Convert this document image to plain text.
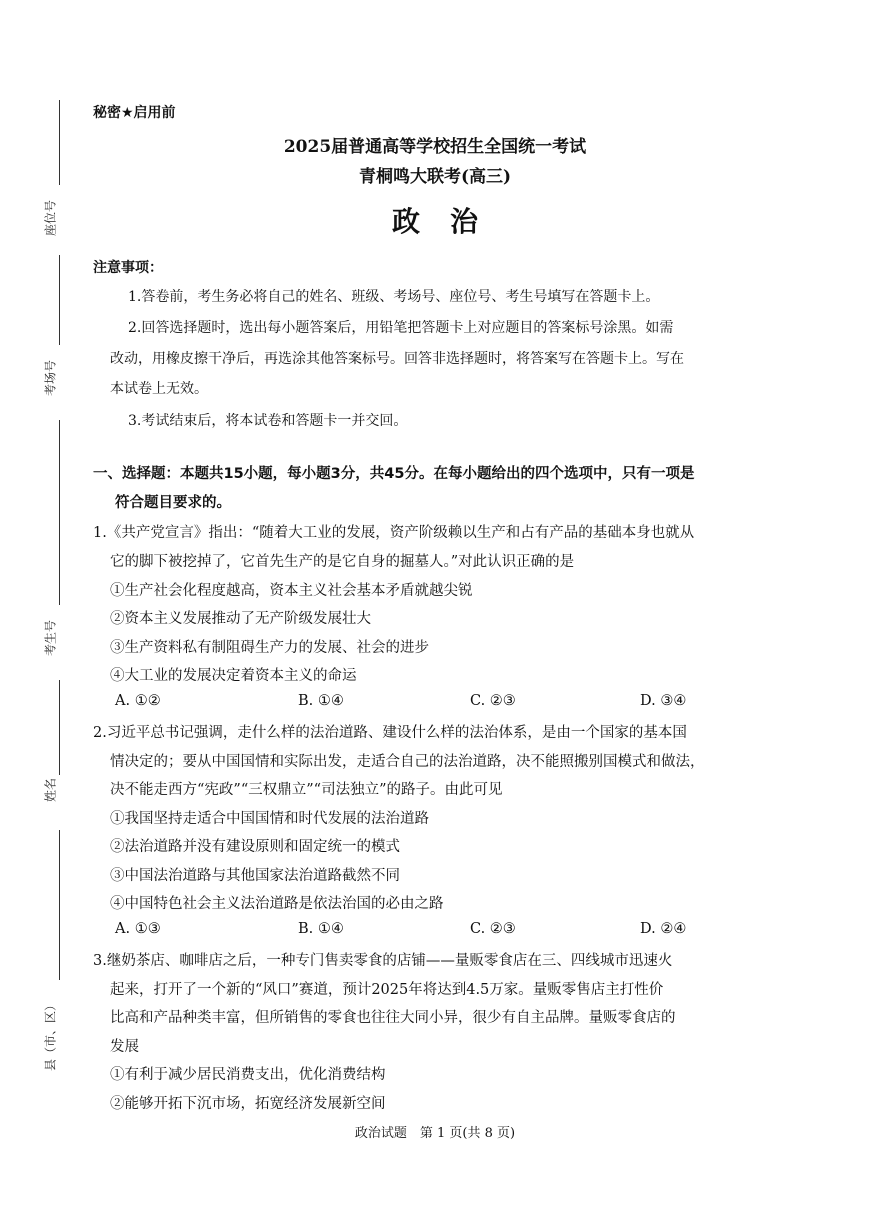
座位号
考场号
考生号
姓名
县（市、区）
秘密★启用前
2025届普通高等学校招生全国统一考试
青桐鸣大联考(高三)
政治
注意事项：
1.答卷前，考生务必将自己的姓名、班级、考场号、座位号、考生号填写在答题卡上。
2.回答选择题时，选出每小题答案后，用铅笔把答题卡上对应题目的答案标号涂黑。如需
改动，用橡皮擦干净后，再选涂其他答案标号。回答非选择题时，将答案写在答题卡上。写在
本试卷上无效。
3.考试结束后，将本试卷和答题卡一并交回。
一、选择题：本题共15小题，每小题3分，共45分。在每小题给出的四个选项中，只有一项是
符合题目要求的。
1.《共产党宣言》指出：“随着大工业的发展，资产阶级赖以生产和占有产品的基础本身也就从
它的脚下被挖掉了，它首先生产的是它自身的掘墓人。”对此认识正确的是
①生产社会化程度越高，资本主义社会基本矛盾就越尖锐
②资本主义发展推动了无产阶级发展壮大
③生产资料私有制阻碍生产力的发展、社会的进步
④大工业的发展决定着资本主义的命运
A. ①②	B. ①④	C. ②③	D. ③④
2.习近平总书记强调，走什么样的法治道路、建设什么样的法治体系，是由一个国家的基本国
情决定的；要从中国国情和实际出发，走适合自己的法治道路，决不能照搬别国模式和做法，
决不能走西方“宪政”“三权鼎立”“司法独立”的路子。由此可见
①我国坚持走适合中国国情和时代发展的法治道路
②法治道路并没有建设原则和固定统一的模式
③中国法治道路与其他国家法治道路截然不同
④中国特色社会主义法治道路是依法治国的必由之路
A. ①③	B. ①④	C. ②③	D. ②④
3.继奶茶店、咖啡店之后，一种专门售卖零食的店铺——量贩零食店在三、四线城市迅速火
起来，打开了一个新的“风口”赛道，预计2025年将达到4.5万家。量贩零售店主打性价
比高和产品种类丰富，但所销售的零食也往往大同小异，很少有自主品牌。量贩零食店的
发展
①有利于减少居民消费支出，优化消费结构
②能够开拓下沉市场，拓宽经济发展新空间
政治试题　第 1 页(共 8 页)
